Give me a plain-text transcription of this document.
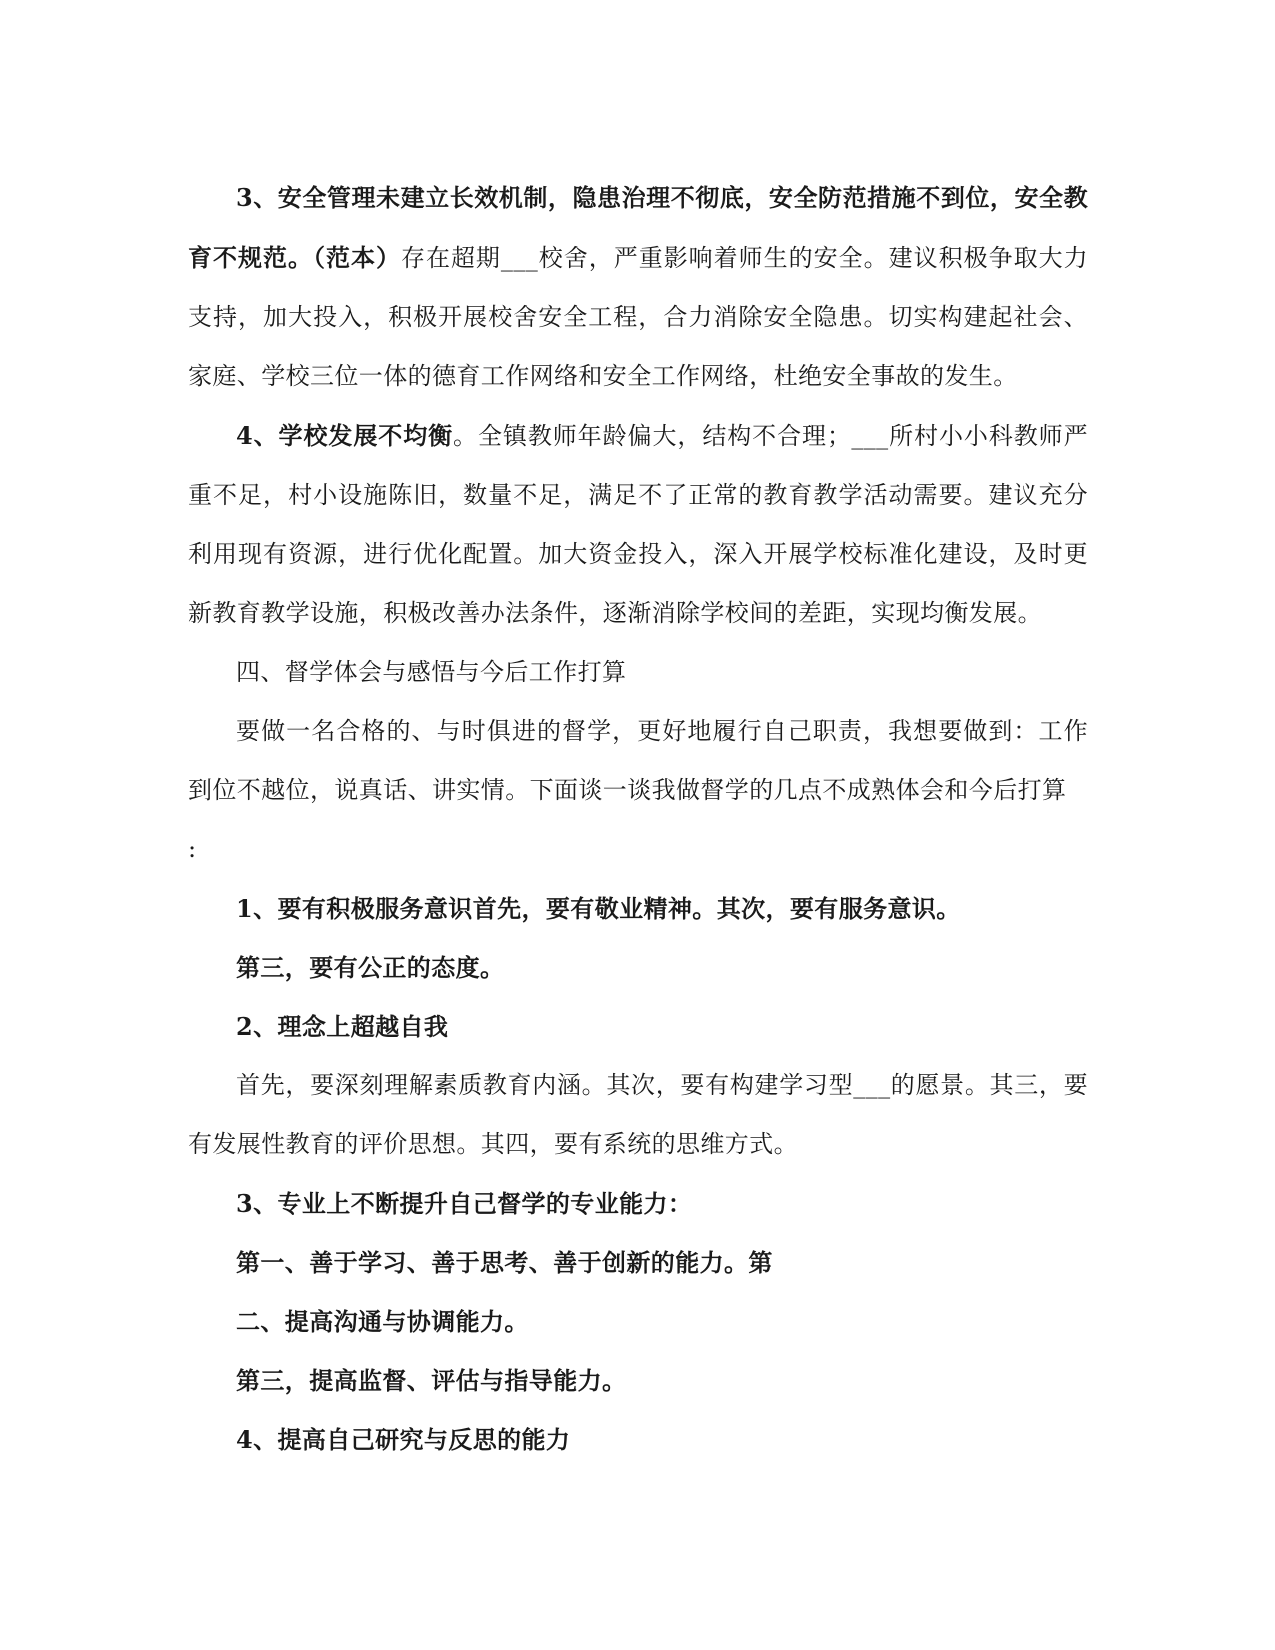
3、安全管理未建立长效机制，隐患治理不彻底，安全防范措施不到位，安全教育不规范。（范本）存在超期___校舍，严重影响着师生的安全。建议积极争取大力支持，加大投入，积极开展校舍安全工程，合力消除安全隐患。切实构建起社会、家庭、学校三位一体的德育工作网络和安全工作网络，杜绝安全事故的发生。

4、学校发展不均衡。全镇教师年龄偏大，结构不合理；___所村小小科教师严重不足，村小设施陈旧，数量不足，满足不了正常的教育教学活动需要。建议充分利用现有资源，进行优化配置。加大资金投入，深入开展学校标准化建设，及时更新教育教学设施，积极改善办法条件，逐渐消除学校间的差距，实现均衡发展。

四、督学体会与感悟与今后工作打算

要做一名合格的、与时俱进的督学，更好地履行自己职责，我想要做到：工作到位不越位，说真话、讲实情。下面谈一谈我做督学的几点不成熟体会和今后打算

:

1、要有积极服务意识首先，要有敬业精神。其次，要有服务意识。

第三，要有公正的态度。

2、理念上超越自我

首先，要深刻理解素质教育内涵。其次，要有构建学习型___的愿景。其三，要有发展性教育的评价思想。其四，要有系统的思维方式。

3、专业上不断提升自己督学的专业能力：

第一、善于学习、善于思考、善于创新的能力。第

二、提高沟通与协调能力。

第三，提高监督、评估与指导能力。

4、提高自己研究与反思的能力
